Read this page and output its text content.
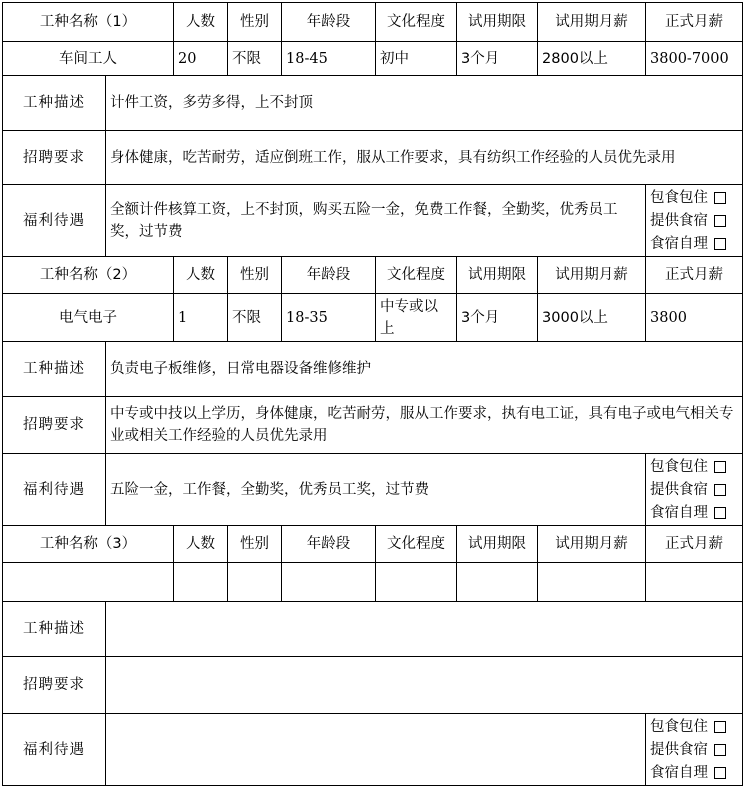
工种名称（1）		人数	性别	年龄段	文化程度	试用期限	试用期月薪	正式月薪
车间工人		20	不限	18-45	初中	3个月	2800以上	3800-7000
工种描述	计件工资，多劳多得，上不封顶							
招聘要求	身体健康，吃苦耐劳，适应倒班工作，服从工作要求，具有纺织工作经验的人员优先录用							
福利待遇	全额计件核算工资，上不封顶，购买五险一金，免费工作餐，全勤奖，优秀员工奖，过节费							包食包住
提供食宿
食宿自理

工种名称（2）		人数	性别	年龄段	文化程度	试用期限	试用期月薪	正式月薪
电气电子		1	不限	18-35	中专或以上	3个月	3000以上	3800
工种描述	负责电子板维修，日常电器设备维修维护							
招聘要求	中专或中技以上学历，身体健康，吃苦耐劳，服从工作要求，执有电工证，具有电子或电气相关专业或相关工作经验的人员优先录用							
福利待遇	五险一金，工作餐，全勤奖，优秀员工奖，过节费							包食包住
提供食宿
食宿自理

工种名称（3）		人数	性别	年龄段	文化程度	试用期限	试用期月薪	正式月薪

工种描述								
招聘要求								
福利待遇								包食包住
提供食宿
食宿自理
